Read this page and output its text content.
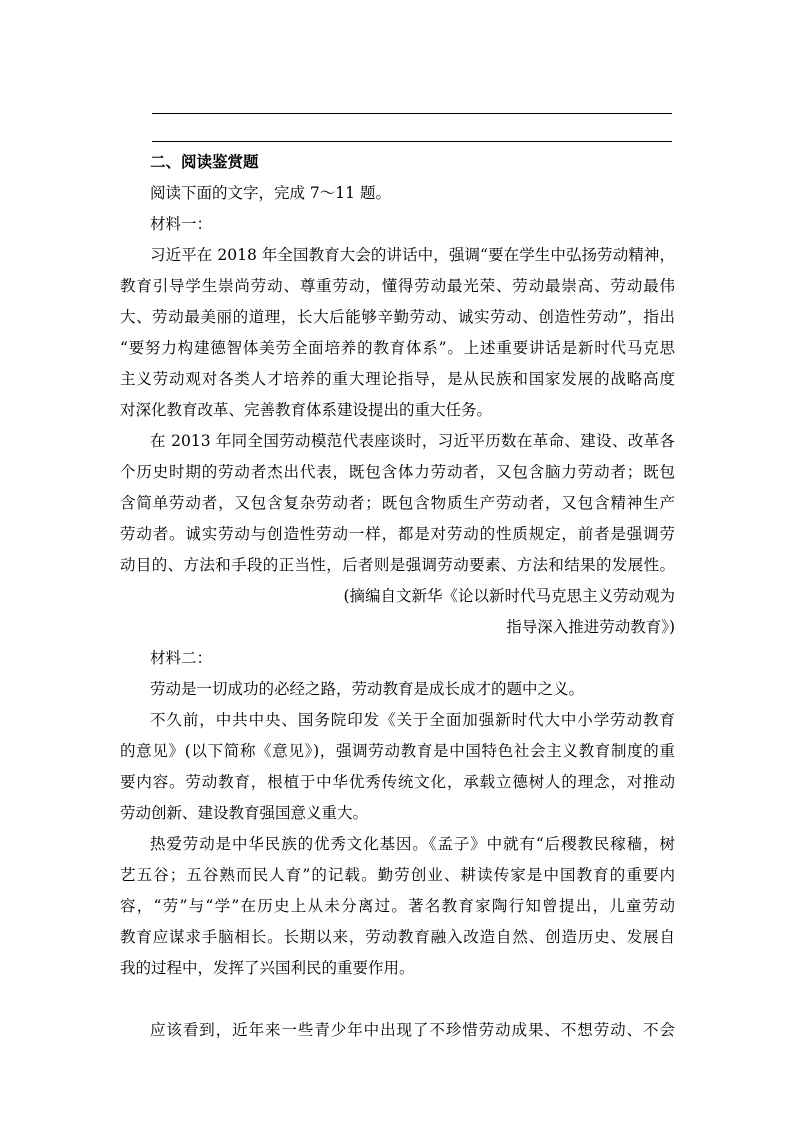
二、阅读鉴赏题
阅读下面的文字，完成 7～11 题。
材料一：
习近平在 2018 年全国教育大会的讲话中，强调“要在学生中弘扬劳动精神，
教育引导学生崇尚劳动、尊重劳动，懂得劳动最光荣、劳动最崇高、劳动最伟
大、劳动最美丽的道理，长大后能够辛勤劳动、诚实劳动、创造性劳动”，指出
“要努力构建德智体美劳全面培养的教育体系”。上述重要讲话是新时代马克思
主义劳动观对各类人才培养的重大理论指导，是从民族和国家发展的战略高度
对深化教育改革、完善教育体系建设提出的重大任务。
在 2013 年同全国劳动模范代表座谈时，习近平历数在革命、建设、改革各
个历史时期的劳动者杰出代表，既包含体力劳动者，又包含脑力劳动者；既包
含简单劳动者，又包含复杂劳动者；既包含物质生产劳动者，又包含精神生产
劳动者。诚实劳动与创造性劳动一样，都是对劳动的性质规定，前者是强调劳
动目的、方法和手段的正当性，后者则是强调劳动要素、方法和结果的发展性。
(摘编自文新华《论以新时代马克思主义劳动观为
指导深入推进劳动教育》)
材料二：
劳动是一切成功的必经之路，劳动教育是成长成才的题中之义。
不久前，中共中央、国务院印发《关于全面加强新时代大中小学劳动教育
的意见》(以下简称《意见》)，强调劳动教育是中国特色社会主义教育制度的重
要内容。劳动教育，根植于中华优秀传统文化，承载立德树人的理念，对推动
劳动创新、建设教育强国意义重大。
热爱劳动是中华民族的优秀文化基因。《孟子》中就有“后稷教民稼穑，树
艺五谷；五谷熟而民人育”的记载。勤劳创业、耕读传家是中国教育的重要内
容，“劳”与“学”在历史上从未分离过。著名教育家陶行知曾提出，儿童劳动
教育应谋求手脑相长。长期以来，劳动教育融入改造自然、创造历史、发展自
我的过程中，发挥了兴国利民的重要作用。
应该看到，近年来一些青少年中出现了不珍惜劳动成果、不想劳动、不会
